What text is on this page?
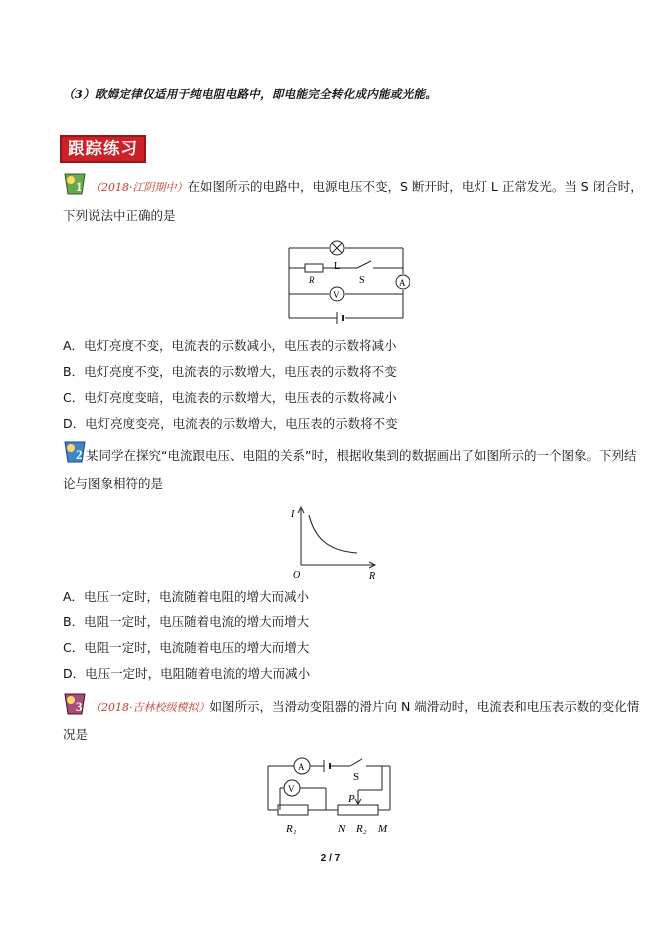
（3）欧姆定律仅适用于纯电阻电路中，即电能完全转化成内能或光能。
跟踪练习
1 （2018·江阴期中）在如图所示的电路中，电源电压不变，S 断开时，电灯 L 正常发光。当 S 闭合时，
下列说法中正确的是
L
R	S	A
V
A．电灯亮度不变，电流表的示数减小，电压表的示数将减小
B．电灯亮度不变，电流表的示数增大，电压表的示数将不变
C．电灯亮度变暗，电流表的示数增大，电压表的示数将减小
D．电灯亮度变亮，电流表的示数增大，电压表的示数将不变
2 某同学在探究“电流跟电压、电阻的关系”时，根据收集到的数据画出了如图所示的一个图象。下列结
论与图象相符的是
I
R
O
A．电压一定时，电流随着电阻的增大而减小
B．电阻一定时，电压随着电流的增大而增大
C．电阻一定时，电流随着电压的增大而增大
D．电压一定时，电阻随着电流的增大而减小
3 （2018·吉林校级模拟）如图所示，当滑动变阻器的滑片向 N 端滑动时，电流表和电压表示数的变化情
况是
A
V
S
P
R₁	N R₂ M
2 / 7
